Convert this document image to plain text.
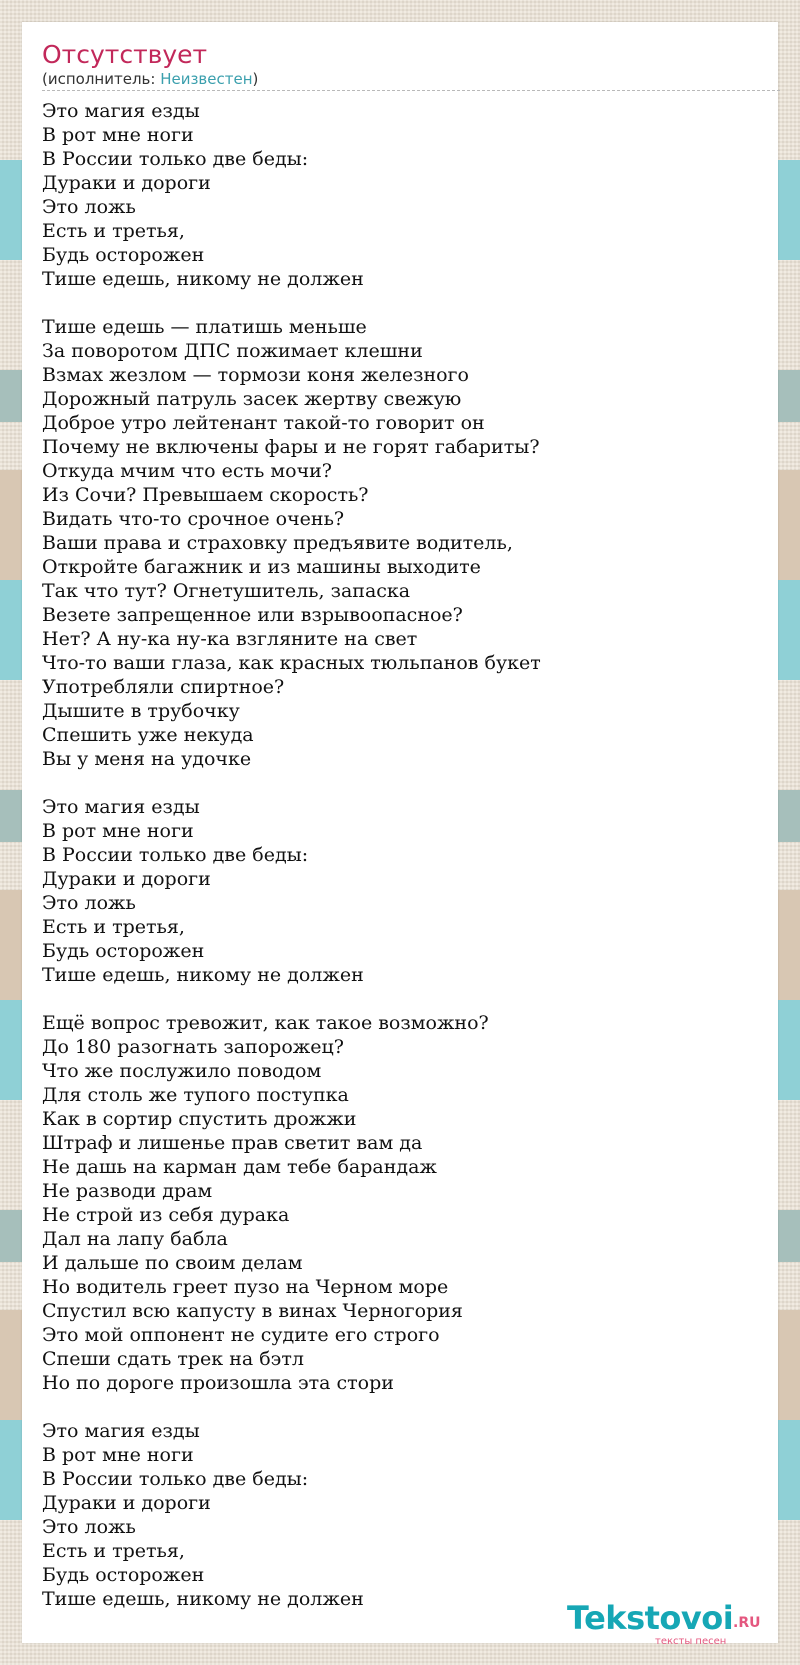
Отсутствует
(исполнитель: Неизвестен)
Это магия езды
В рот мне ноги
В России только две беды:
Дураки и дороги
Это ложь
Есть и третья,
Будь осторожен
Тише едешь, никому не должен
Тише едешь — платишь меньше
За поворотом ДПС пожимает клешни
Взмах жезлом — тормози коня железного
Дорожный патруль засек жертву свежую
Доброе утро лейтенант такой-то говорит он
Почему не включены фары и не горят габариты?
Откуда мчим что есть мочи?
Из Сочи? Превышаем скорость?
Видать что-то срочное очень?
Ваши права и страховку предъявите водитель,
Откройте багажник и из машины выходите
Так что тут? Огнетушитель, запаска
Везете запрещенное или взрывоопасное?
Нет? А ну-ка ну-ка взгляните на свет
Что-то ваши глаза, как красных тюльпанов букет
Употребляли спиртное?
Дышите в трубочку
Спешить уже некуда
Вы у меня на удочке
Это магия езды
В рот мне ноги
В России только две беды:
Дураки и дороги
Это ложь
Есть и третья,
Будь осторожен
Тише едешь, никому не должен
Ещё вопрос тревожит, как такое возможно?
До 180 разогнать запорожец?
Что же послужило поводом
Для столь же тупого поступка
Как в сортир спустить дрожжи
Штраф и лишенье прав светит вам да
Не дашь на карман дам тебе барандаж
Не разводи драм
Не строй из себя дурака
Дал на лапу бабла
И дальше по своим делам
Но водитель греет пузо на Черном море
Спустил всю капусту в винах Черногория
Это мой оппонент не судите его строго
Спеши сдать трек на бэтл
Но по дороге произошла эта стори
Это магия езды
В рот мне ноги
В России только две беды:
Дураки и дороги
Это ложь
Есть и третья,
Будь осторожен
Тише едешь, никому не должен	Tekstovoi .RU
тексты песен
